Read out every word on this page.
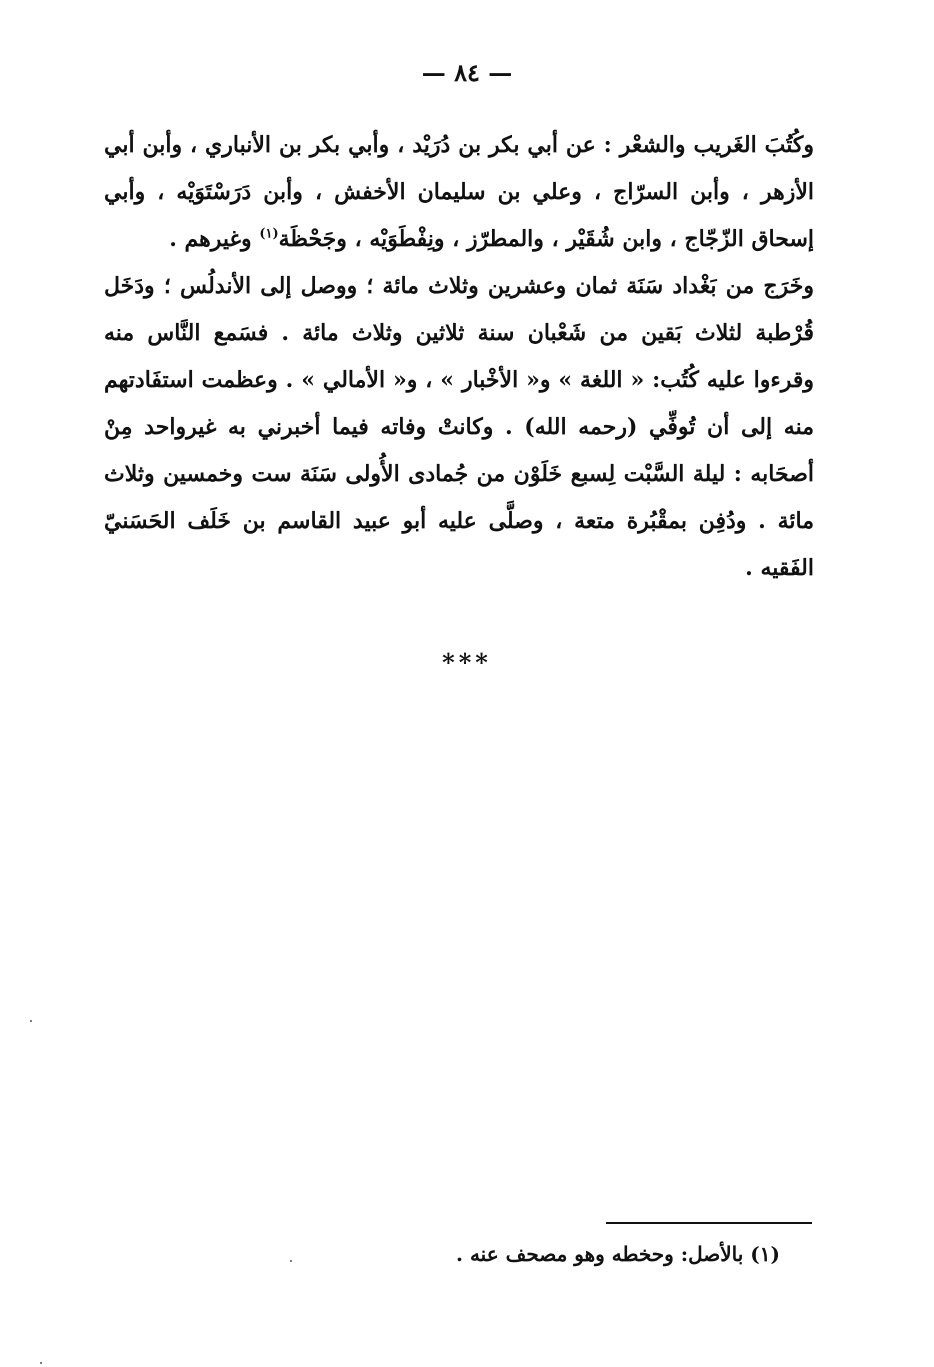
— ٨٤ —

وكُتُبَ الغَريب والشعْر : عن أبي بكر بن دُرَيْد ، وأبي بكر بن الأنباري ، وأبن أبي الأزهر ، وأبن السرّاج ، وعلي بن سليمان الأخفش ، وأبن دَرَسْتَوَيْه ، وأبي إسحاق الزّجّاج ، وابن شُقَيْر ، والمطرّز ، ونِفْطَوَيْه ، وجَحْظَة$^{(١)}$ وغيرهم .

وخَرَج من بَغْداد سَنَة ثمان وعشرين وثلاث مائة ؛ ووصل إلى الأندلُس ؛ ودَخَل قُرْطبة لثلاث بَقين من شَعْبان سنة ثلاثين وثلاث مائة . فسَمع النَّاس منه وقرءوا عليه كُتُب: « اللغة » و« الأخْبار » ، و« الأمالي » . وعظمت استفَادتهم منه إلى أن تُوفِّي (رحمه الله) . وكانتْ وفاته فيما أخبرني به غيرواحد مِنْ أصحَابه : ليلة السَّبْت لِسبع خَلَوْن من جُمادى الأُولى سَنَة ست وخمسين وثلاث مائة . ودُفِن بمقْبُرة متعة ، وصلَّى عليه أبو عبيد القاسم بن خَلَف الحَسَنيّ الفَقيه .

***
(١) بالأصل: وحخطه وهو مصحف عنه .
